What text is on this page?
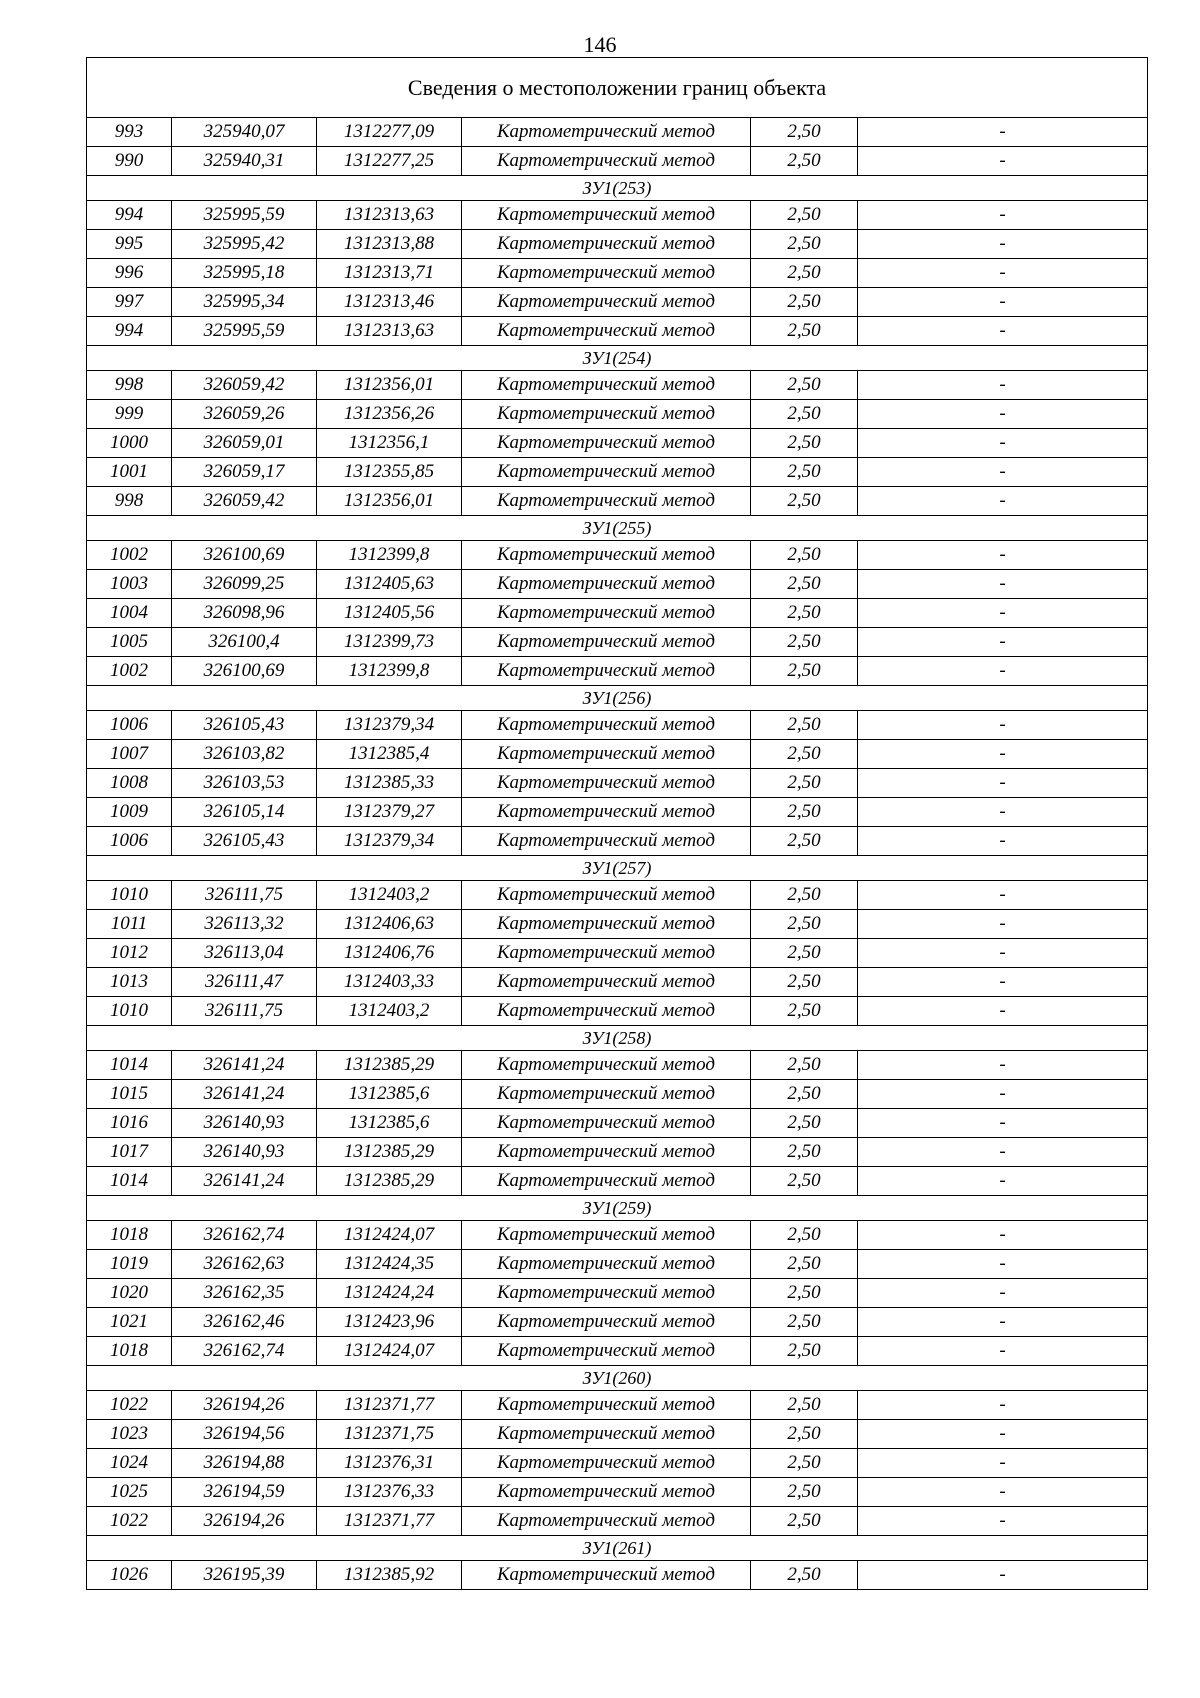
146
Сведения о местоположении границ объекта					
993	325940,07	1312277,09	Картометрический метод	2,50	-
990	325940,31	1312277,25	Картометрический метод	2,50	-
ЗУ1(253)					
994	325995,59	1312313,63	Картометрический метод	2,50	-
995	325995,42	1312313,88	Картометрический метод	2,50	-
996	325995,18	1312313,71	Картометрический метод	2,50	-
997	325995,34	1312313,46	Картометрический метод	2,50	-
994	325995,59	1312313,63	Картометрический метод	2,50	-
ЗУ1(254)					
998	326059,42	1312356,01	Картометрический метод	2,50	-
999	326059,26	1312356,26	Картометрический метод	2,50	-
1000	326059,01	1312356,1	Картометрический метод	2,50	-
1001	326059,17	1312355,85	Картометрический метод	2,50	-
998	326059,42	1312356,01	Картометрический метод	2,50	-
ЗУ1(255)					
1002	326100,69	1312399,8	Картометрический метод	2,50	-
1003	326099,25	1312405,63	Картометрический метод	2,50	-
1004	326098,96	1312405,56	Картометрический метод	2,50	-
1005	326100,4	1312399,73	Картометрический метод	2,50	-
1002	326100,69	1312399,8	Картометрический метод	2,50	-
ЗУ1(256)					
1006	326105,43	1312379,34	Картометрический метод	2,50	-
1007	326103,82	1312385,4	Картометрический метод	2,50	-
1008	326103,53	1312385,33	Картометрический метод	2,50	-
1009	326105,14	1312379,27	Картометрический метод	2,50	-
1006	326105,43	1312379,34	Картометрический метод	2,50	-
ЗУ1(257)					
1010	326111,75	1312403,2	Картометрический метод	2,50	-
1011	326113,32	1312406,63	Картометрический метод	2,50	-
1012	326113,04	1312406,76	Картометрический метод	2,50	-
1013	326111,47	1312403,33	Картометрический метод	2,50	-
1010	326111,75	1312403,2	Картометрический метод	2,50	-
ЗУ1(258)					
1014	326141,24	1312385,29	Картометрический метод	2,50	-
1015	326141,24	1312385,6	Картометрический метод	2,50	-
1016	326140,93	1312385,6	Картометрический метод	2,50	-
1017	326140,93	1312385,29	Картометрический метод	2,50	-
1014	326141,24	1312385,29	Картометрический метод	2,50	-
ЗУ1(259)					
1018	326162,74	1312424,07	Картометрический метод	2,50	-
1019	326162,63	1312424,35	Картометрический метод	2,50	-
1020	326162,35	1312424,24	Картометрический метод	2,50	-
1021	326162,46	1312423,96	Картометрический метод	2,50	-
1018	326162,74	1312424,07	Картометрический метод	2,50	-
ЗУ1(260)					
1022	326194,26	1312371,77	Картометрический метод	2,50	-
1023	326194,56	1312371,75	Картометрический метод	2,50	-
1024	326194,88	1312376,31	Картометрический метод	2,50	-
1025	326194,59	1312376,33	Картометрический метод	2,50	-
1022	326194,26	1312371,77	Картометрический метод	2,50	-
ЗУ1(261)					
1026	326195,39	1312385,92	Картометрический метод	2,50	-
